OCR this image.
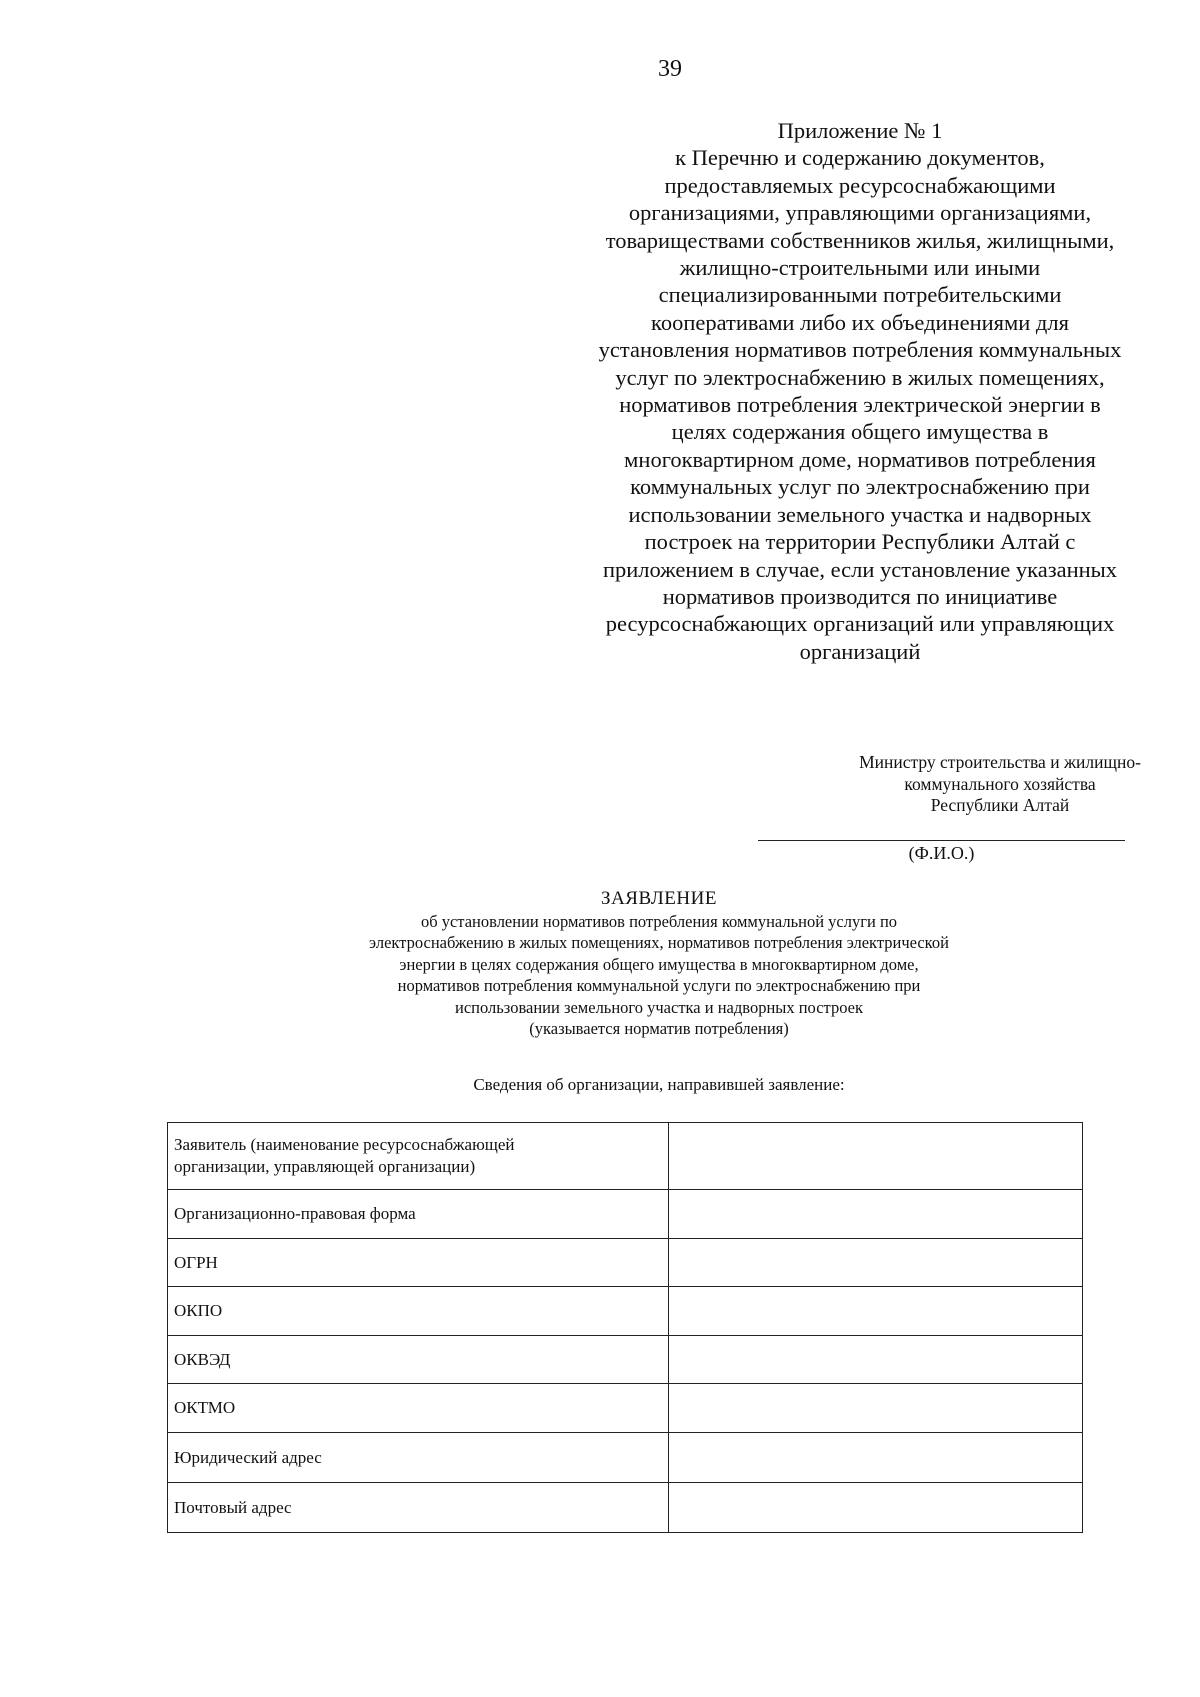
39
Приложение № 1
к Перечню и содержанию документов,
предоставляемых ресурсоснабжающими
организациями, управляющими организациями,
товариществами собственников жилья, жилищными,
жилищно-строительными или иными
специализированными потребительскими
кооперативами либо их объединениями для
установления нормативов потребления коммунальных
услуг по электроснабжению в жилых помещениях,
нормативов потребления электрической энергии в
целях содержания общего имущества в
многоквартирном доме, нормативов потребления
коммунальных услуг по электроснабжению при
использовании земельного участка и надворных
построек на территории Республики Алтай с
приложением в случае, если установление указанных
нормативов производится по инициативе
ресурсоснабжающих организаций или управляющих
организаций
Министру строительства и жилищно-
коммунального хозяйства
Республики Алтай
(Ф.И.О.)
ЗАЯВЛЕНИЕ
об установлении нормативов потребления коммунальной услуги по
электроснабжению в жилых помещениях, нормативов потребления электрической
энергии в целях содержания общего имущества в многоквартирном доме,
нормативов потребления коммунальной услуги по электроснабжению при
использовании земельного участка и надворных построек
(указывается норматив потребления)
Сведения об организации, направившей заявление:
Заявитель (наименование ресурсоснабжающей
организации, управляющей организации)	

Организационно-правовая форма	

ОГРН	

ОКПО	

ОКВЭД	

ОКТМО	

Юридический адрес	

Почтовый адрес	
